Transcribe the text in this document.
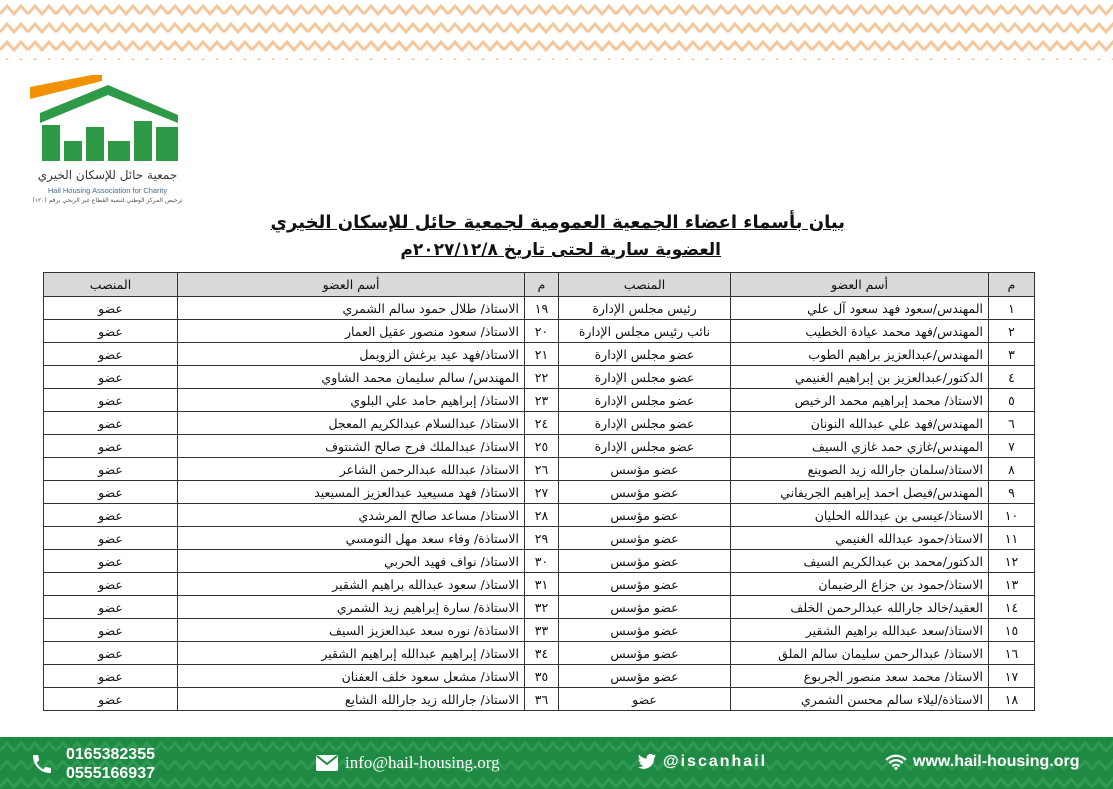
جمعية حائل للإسكان الخيري
Hail Housing Association for Charity
ترخيص المركز الوطني لتنمية القطاع غير الربحي برقم (١٢٠)
بيان بأسماء اعضاء الجمعية العمومية لجمعية حائل للإسكان الخيري
العضوية سارية لحتى تاريخ ٢٠٢٧/١٢/٨م
م	أسم العضو	المنصب	م	أسم العضو	المنصب
١	المهندس/سعود فهد سعود آل علي	رئيس مجلس الإدارة	١٩	الاستاذ/ طلال حمود سالم الشمري	عضو
٢	المهندس/فهد محمد عيادة الخطيب	نائب رئيس مجلس الإدارة	٢٠	الاستاذ/ سعود منصور عقيل العمار	عضو
٣	المهندس/عبدالعزيز براهيم الطوب	عضو مجلس الإدارة	٢١	الاستاذ/فهد عيد برغش الزويمل	عضو
٤	الدكتور/عبدالعزيز بن إبراهيم الغنيمي	عضو مجلس الإدارة	٢٢	المهندس/ سالم سليمان محمد الشاوي	عضو
٥	الاستاذ/ محمد إبراهيم محمد الرخيص	عضو مجلس الإدارة	٢٣	الاستاذ/ إبراهيم حامد علي البلوي	عضو
٦	المهندس/فهد علي عبدالله النونان	عضو مجلس الإدارة	٢٤	الاستاذ/ عبدالسلام عبدالكريم المعجل	عضو
٧	المهندس/غازي حمد غازي السيف	عضو مجلس الإدارة	٢٥	الاستاذ/ عبدالملك فرج صالح الشنتوف	عضو
٨	الاستاذ/سلمان جارالله زيد الصوينع	عضو مؤسس	٢٦	الاستاذ/ عبدالله عبدالرحمن الشاعر	عضو
٩	المهندس/فيصل احمد إبراهيم الجريفاني	عضو مؤسس	٢٧	الاستاذ/ فهد مسيعيد عبدالعزيز المسيعيد	عضو
١٠	الاستاذ/عيسى بن عبدالله الحليان	عضو مؤسس	٢٨	الاستاذ/ مساعد صالح المرشدي	عضو
١١	الاستاذ/حمود عبدالله الغنيمي	عضو مؤسس	٢٩	الاستاذة/ وفاء سعد مهل النومسي	عضو
١٢	الدكتور/محمد بن عبدالكريم السيف	عضو مؤسس	٣٠	الاستاذ/ نواف فهيد الحربي	عضو
١٣	الاستاذ/حمود بن جزاع الرضيمان	عضو مؤسس	٣١	الاستاذ/ سعود عبدالله براهيم الشقير	عضو
١٤	العقيد/خالد جارالله عبدالرحمن الخلف	عضو مؤسس	٣٢	الاستاذة/ سارة إبراهيم زيد الشمري	عضو
١٥	الاستاذ/سعد عبدالله براهيم الشقير	عضو مؤسس	٣٣	الاستاذة/ نوره سعد عبدالعزيز السيف	عضو
١٦	الاستاذ/ عبدالرحمن سليمان سالم الملق	عضو مؤسس	٣٤	الاستاذ/ إبراهيم عبدالله إبراهيم الشقير	عضو
١٧	الاستاذ/ محمد سعد منصور الجربوع	عضو مؤسس	٣٥	الاستاذ/ مشعل سعود خلف العفنان	عضو
١٨	الاستاذة/ليلاء سالم محسن الشمري	عضو	٣٦	الاستاذ/ جارالله زيد جارالله الشايع	عضو
0165382355
0555166937
info@hail-housing.org	@iscanhail	www.hail-housing.org
